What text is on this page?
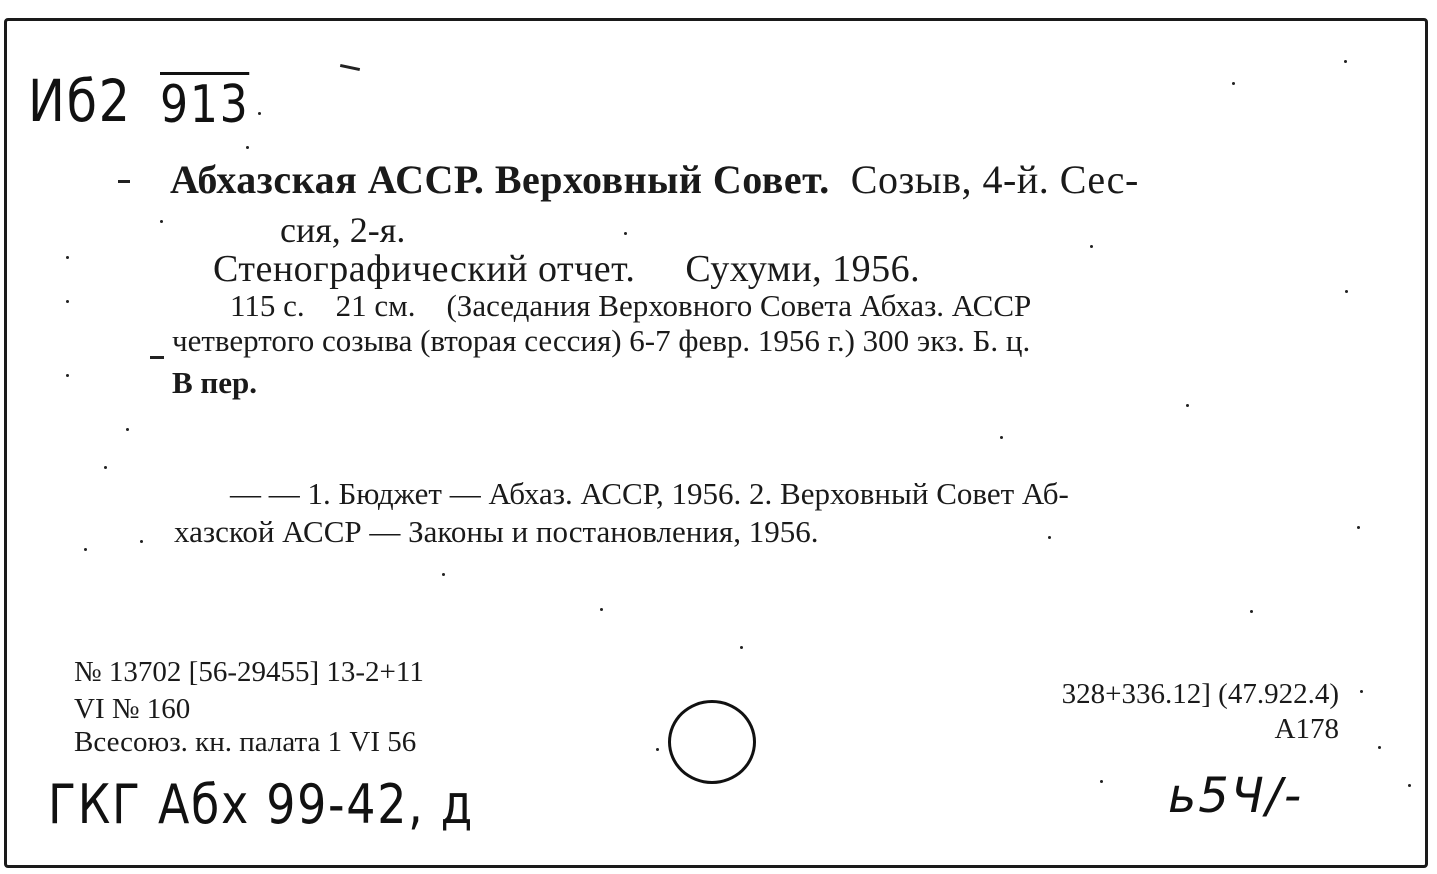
Иб2 913
Абхазская АССР. Верховный Совет. Созыв, 4-й. Сес-
сия, 2-я.
Стенографический отчет.     Сухуми, 1956.
115 с.    21 см.    (Заседания Верховного Совета Абхаз. АССР
четвертого созыва (вторая сессия) 6-7 февр. 1956 г.) 300 экз. Б. ц.
В пер.
— — 1. Бюджет — Абхаз. АССР, 1956. 2. Верховный Совет Аб-
хазской АССР — Законы и постановления, 1956.
№ 13702 [56-29455] 13-2+11
VI № 160
Всесоюз. кн. палата 1 VI 56
328+336.12] (47.922.4)
А178
ГКГ Абх 99-42, д	ь5Ч/-
